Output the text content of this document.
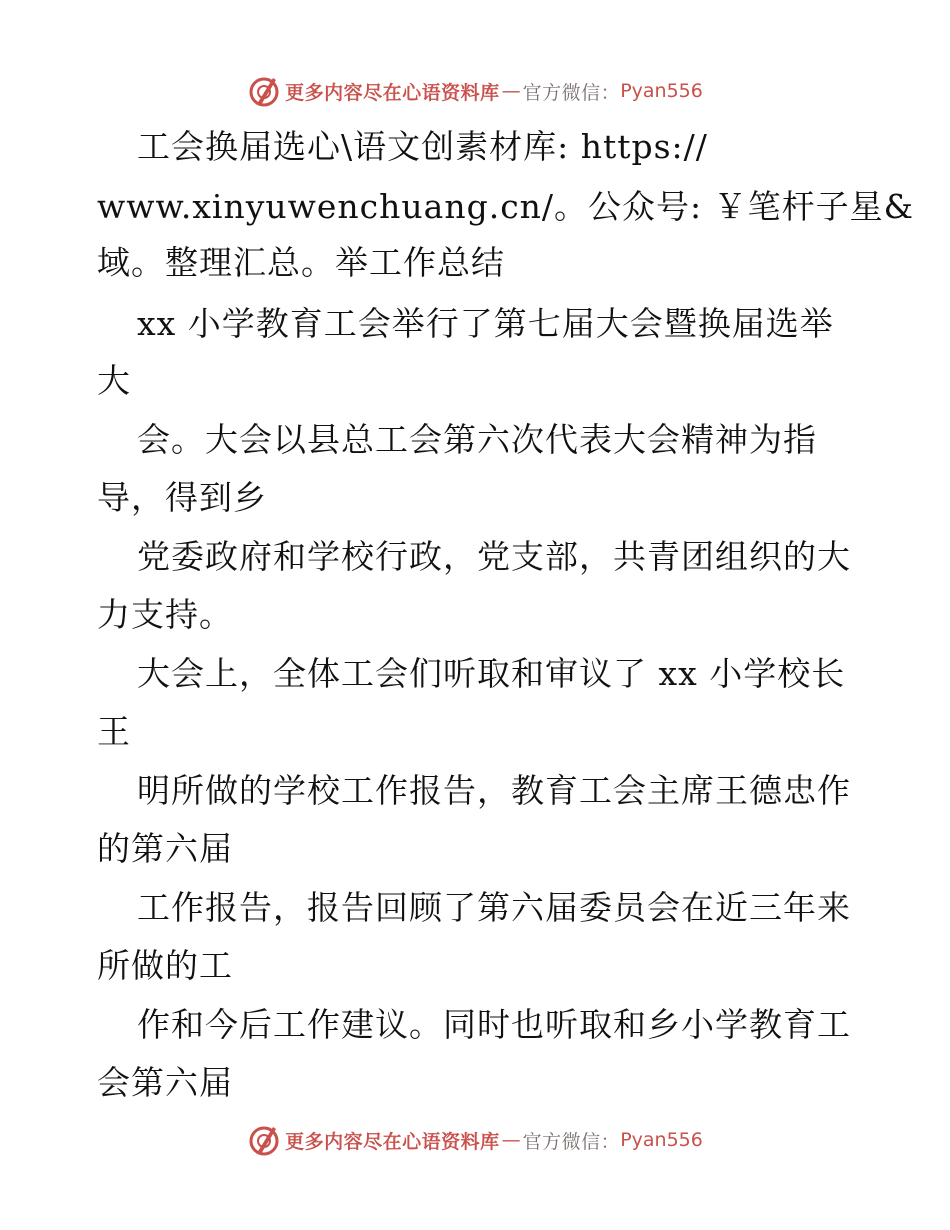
更多内容尽在心语资料库 — 官方微信： Pyan556
工会换届选心\语文创素材库: https://
www.xinyuwenchuang.cn/。公众号: ￥笔杆子星&
域。整理汇总。举工作总结
xx 小学教育工会举行了第七届大会暨换届选举
大
会。大会以县总工会第六次代表大会精神为指
导，得到乡
党委政府和学校行政，党支部，共青团组织的大
力支持。
大会上，全体工会们听取和审议了 xx 小学校长
王
明所做的学校工作报告，教育工会主席王德忠作
的第六届
工作报告，报告回顾了第六届委员会在近三年来
所做的工
作和今后工作建议。同时也听取和乡小学教育工
会第六届
更多内容尽在心语资料库 — 官方微信： Pyan556
